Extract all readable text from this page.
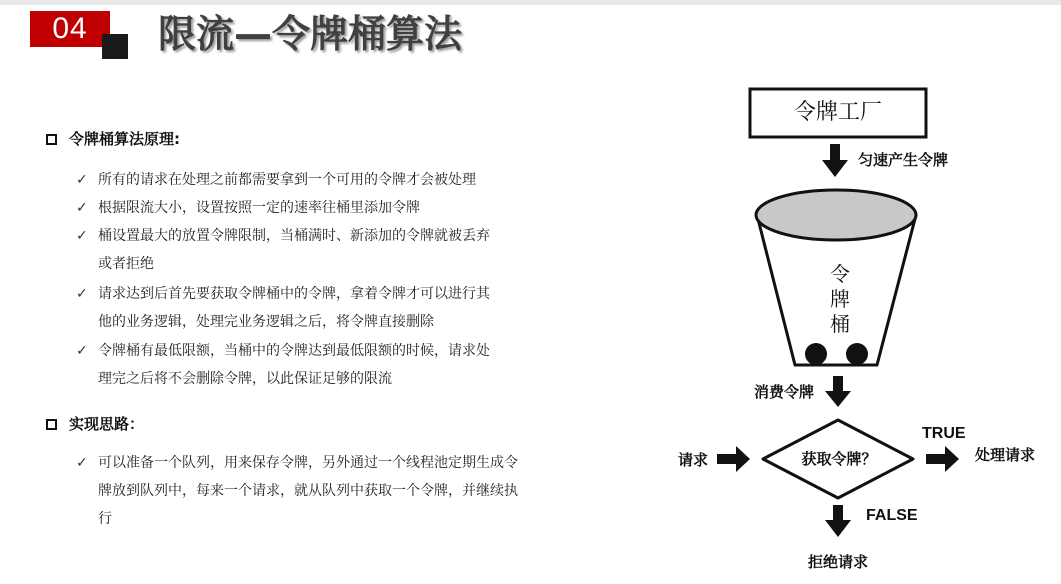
04	限流—令牌桶算法
令牌桶算法原理:
✓ 所有的请求在处理之前都需要拿到一个可用的令牌才会被处理
✓ 根据限流大小，设置按照一定的速率往桶里添加令牌
✓ 桶设置最大的放置令牌限制，当桶满时、新添加的令牌就被丢弃
或者拒绝
✓ 请求达到后首先要获取令牌桶中的令牌，拿着令牌才可以进行其
他的业务逻辑，处理完业务逻辑之后，将令牌直接删除
✓ 令牌桶有最低限额，当桶中的令牌达到最低限额的时候，请求处
理完之后将不会删除令牌，以此保证足够的限流
实现思路：
✓ 可以准备一个队列，用来保存令牌，另外通过一个线程池定期生成令
牌放到队列中，每来一个请求，就从队列中获取一个令牌，并继续执
行
令牌工厂
匀速产生令牌
令
牌
桶
消费令牌
请求	获取令牌？
TRUE
处理请求
FALSE
拒绝请求
